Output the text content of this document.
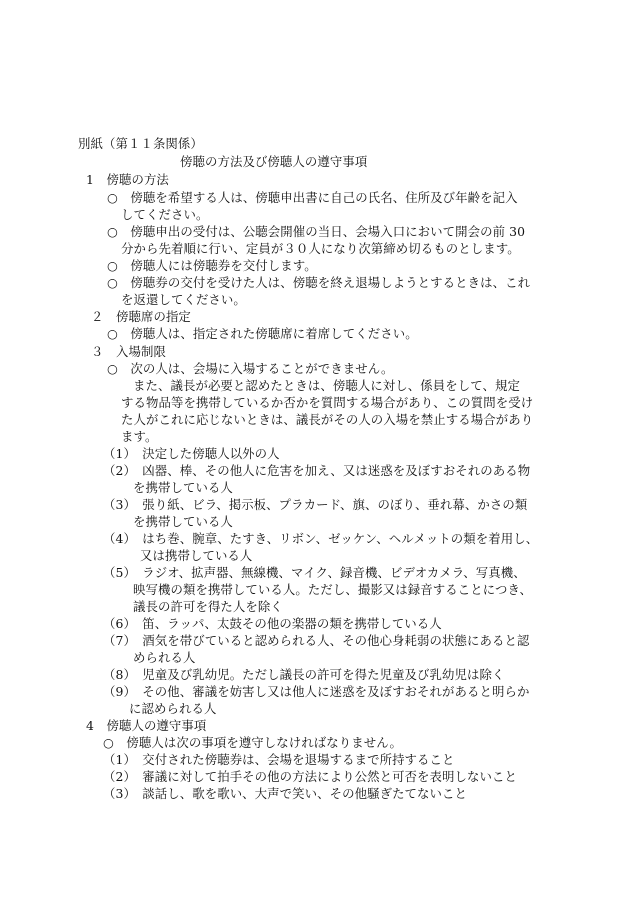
別紙（第１１条関係）
傍聴の方法及び傍聴人の遵守事項
1　傍聴の方法
○　傍聴を希望する人は、傍聴申出書に自己の氏名、住所及び年齢を記入
してください。
○　傍聴申出の受付は、公聴会開催の当日、会場入口において開会の前 30
分から先着順に行い、定員が３０人になり次第締め切るものとします。
○　傍聴人には傍聴券を交付します。
○　傍聴券の交付を受けた人は、傍聴を終え退場しようとするときは、これ
を返還してください。
２　傍聴席の指定
○　傍聴人は、指定された傍聴席に着席してください。
３　入場制限
○　次の人は、会場に入場することができません。
また、議長が必要と認めたときは、傍聴人に対し、係員をして、規定
する物品等を携帯しているか否かを質問する場合があり、この質問を受け
た人がこれに応じないときは、議長がその人の入場を禁止する場合があり
ます。
（1）　決定した傍聴人以外の人
（2）　凶器、棒、その他人に危害を加え、又は迷惑を及ぼすおそれのある物
を携帯している人
（3）　張り紙、ビラ、掲示板、プラカード、旗、のぼり、垂れ幕、かさの類
を携帯している人
（4）　はち巻、腕章、たすき、リボン、ゼッケン、ヘルメットの類を着用し、
又は携帯している人
（5）　ラジオ、拡声器、無線機、マイク、録音機、ビデオカメラ、写真機、
映写機の類を携帯している人。ただし、撮影又は録音することにつき、
議長の許可を得た人を除く
（6）　笛、ラッパ、太鼓その他の楽器の類を携帯している人
（7）　酒気を帯びていると認められる人、その他心身耗弱の状態にあると認
められる人
（8）　児童及び乳幼児。ただし議長の許可を得た児童及び乳幼児は除く
（9）　その他、審議を妨害し又は他人に迷惑を及ぼすおそれがあると明らか
に認められる人
4　傍聴人の遵守事項
○　傍聴人は次の事項を遵守しなければなりません。
（1）　交付された傍聴券は、会場を退場するまで所持すること
（2）　審議に対して拍手その他の方法により公然と可否を表明しないこと
（3）　談話し、歌を歌い、大声で笑い、その他騒ぎたてないこと
